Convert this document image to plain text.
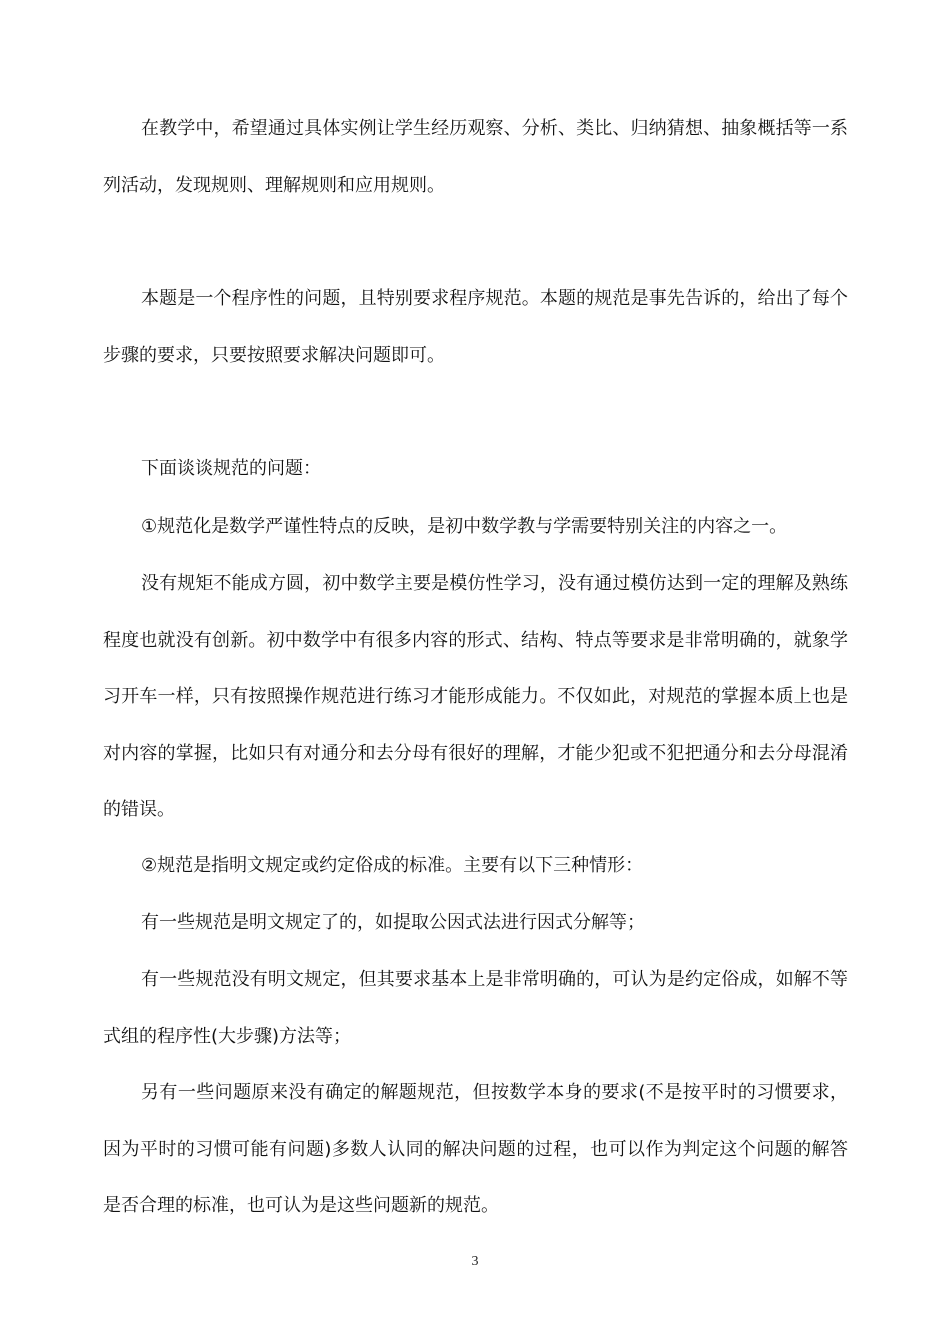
在教学中，希望通过具体实例让学生经历观察、分析、类比、归纳猜想、抽象概括等一系列活动，发现规则、理解规则和应用规则。

本题是一个程序性的问题，且特别要求程序规范。本题的规范是事先告诉的，给出了每个步骤的要求，只要按照要求解决问题即可。

下面谈谈规范的问题：

①规范化是数学严谨性特点的反映，是初中数学教与学需要特别关注的内容之一。

没有规矩不能成方圆，初中数学主要是模仿性学习，没有通过模仿达到一定的理解及熟练程度也就没有创新。初中数学中有很多内容的形式、结构、特点等要求是非常明确的，就象学习开车一样，只有按照操作规范进行练习才能形成能力。不仅如此，对规范的掌握本质上也是对内容的掌握，比如只有对通分和去分母有很好的理解，才能少犯或不犯把通分和去分母混淆的错误。

②规范是指明文规定或约定俗成的标准。主要有以下三种情形：

有一些规范是明文规定了的，如提取公因式法进行因式分解等；

有一些规范没有明文规定，但其要求基本上是非常明确的，可认为是约定俗成，如解不等式组的程序性(大步骤)方法等；

另有一些问题原来没有确定的解题规范，但按数学本身的要求(不是按平时的习惯要求，因为平时的习惯可能有问题)多数人认同的解决问题的过程，也可以作为判定这个问题的解答是否合理的标准，也可认为是这些问题新的规范。

3
